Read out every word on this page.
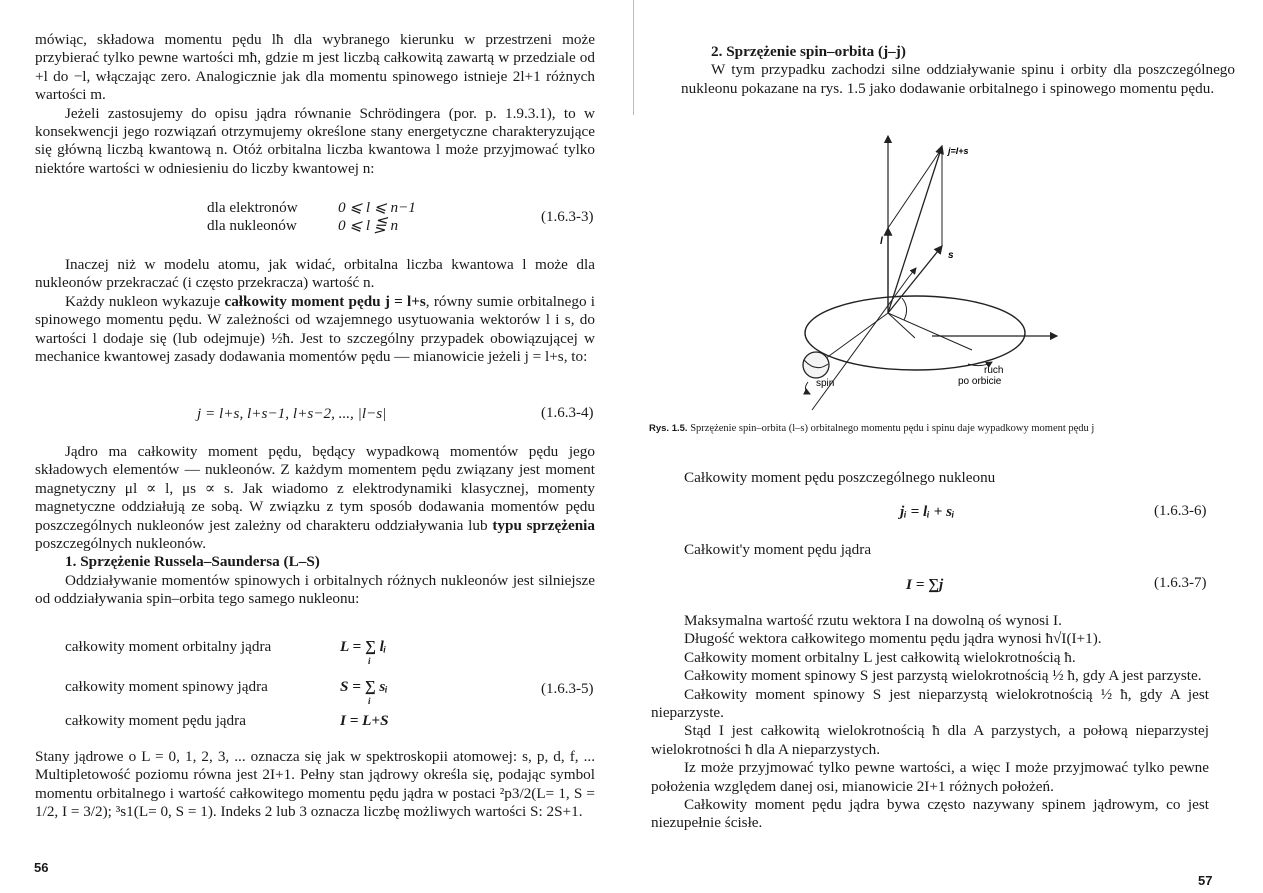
mówiąc, składowa momentu pędu lħ dla wybranego kierunku w przestrzeni może przybierać tylko pewne wartości mħ, gdzie m jest liczbą całkowitą zawartą w przedziale od +l do −l, włączając zero. Analogicznie jak dla momentu spinowego istnieje 2l+1 różnych wartości m.

Jeżeli zastosujemy do opisu jądra równanie Schrödingera (por. p. 1.9.3.1), to w konsekwencji jego rozwiązań otrzymujemy określone stany energetyczne charakteryzujące się główną liczbą kwantową n. Otóż orbitalna liczba kwantowa l może przyjmować tylko niektóre wartości w odniesieniu do liczby kwantowej n:

dla elektronów	0 ⩽ l ⩽ n−1
dla nukleonów	0 ⩽ l ⋚ n	(1.6.3-3)

Inaczej niż w modelu atomu, jak widać, orbitalna liczba kwantowa l może dla nukleonów przekraczać (i często przekracza) wartość n.

Każdy nukleon wykazuje całkowity moment pędu j = l+s, równy sumie orbitalnego i spinowego momentu pędu. W zależności od wzajemnego usytuowania wektorów l i s, do wartości l dodaje się (lub odejmuje) ½ħ. Jest to szczególny przypadek obowiązującej w mechanice kwantowej zasady dodawania momentów pędu — mianowicie jeżeli j = l+s, to:

j = l+s, l+s−1, l+s−2, ..., |l−s|	(1.6.3-4)

Jądro ma całkowity moment pędu, będący wypadkową momentów pędu jego składowych elementów — nukleonów. Z każdym momentem pędu związany jest moment magnetyczny μl ∝ l, μs ∝ s. Jak wiadomo z elektrodynamiki klasycznej, momenty magnetyczne oddziałują ze sobą. W związku z tym sposób dodawania momentów pędu poszczególnych nukleonów jest zależny od charakteru oddziaływania lub typu sprzężenia poszczególnych nukleonów.

1. Sprzężenie Russela–Saundersa (L–S)

Oddziaływanie momentów spinowych i orbitalnych różnych nukleonów jest silniejsze od oddziaływania spin–orbita tego samego nukleonu:

całkowity moment orbitalny jądra	L = ∑ lᵢ
i
całkowity moment spinowy jądra	S = ∑ sᵢ
i
(1.6.3-5)
całkowity moment pędu jądra	I = L+S

Stany jądrowe o L = 0, 1, 2, 3, ... oznacza się jak w spektroskopii atomowej: s, p, d, f, ... Multipletowość poziomu równa jest 2I+1. Pełny stan jądrowy określa się, podając symbol momentu orbitalnego i wartość całkowitego momentu pędu jądra w postaci ²p3/2(L= 1, S = 1/2, I = 3/2); ³s1(L= 0, S = 1). Indeks 2 lub 3 oznacza liczbę możliwych wartości S: 2S+1.

56

2. Sprzężenie spin–orbita (j–j)

W tym przypadku zachodzi silne oddziaływanie spinu i orbity dla poszczególnego nukleonu pokazane na rys. 1.5 jako dodawanie orbitalnego i spinowego momentu pędu.

j=l+s
l
s
spin
ruch
po orbicie
Rys. 1.5. Sprzężenie spin–orbita (l–s) orbitalnego momentu pędu i spinu daje wypadkowy moment pędu j
Całkowity moment pędu poszczególnego nukleonu
jᵢ = lᵢ + sᵢ	(1.6.3-6)
Całkowit'y moment pędu jądra
I = ∑j	(1.6.3-7)

Maksymalna wartość rzutu wektora I na dowolną oś wynosi I.

Długość wektora całkowitego momentu pędu jądra wynosi ħ√I(I+1).

Całkowity moment orbitalny L jest całkowitą wielokrotnością ħ.

Całkowity moment spinowy S jest parzystą wielokrotnością ½ ħ, gdy A jest parzyste.

Całkowity moment spinowy S jest nieparzystą wielokrotnością ½ ħ, gdy A jest nieparzyste.

Stąd I jest całkowitą wielokrotnością ħ dla A parzystych, a połową nieparzystej wielokrotności ħ dla A nieparzystych.

Iz może przyjmować tylko pewne wartości, a więc I może przyjmować tylko pewne położenia względem danej osi, mianowicie 2I+1 różnych położeń.

Całkowity moment pędu jądra bywa często nazywany spinem jądrowym, co jest niezupełnie ścisłe.

57
